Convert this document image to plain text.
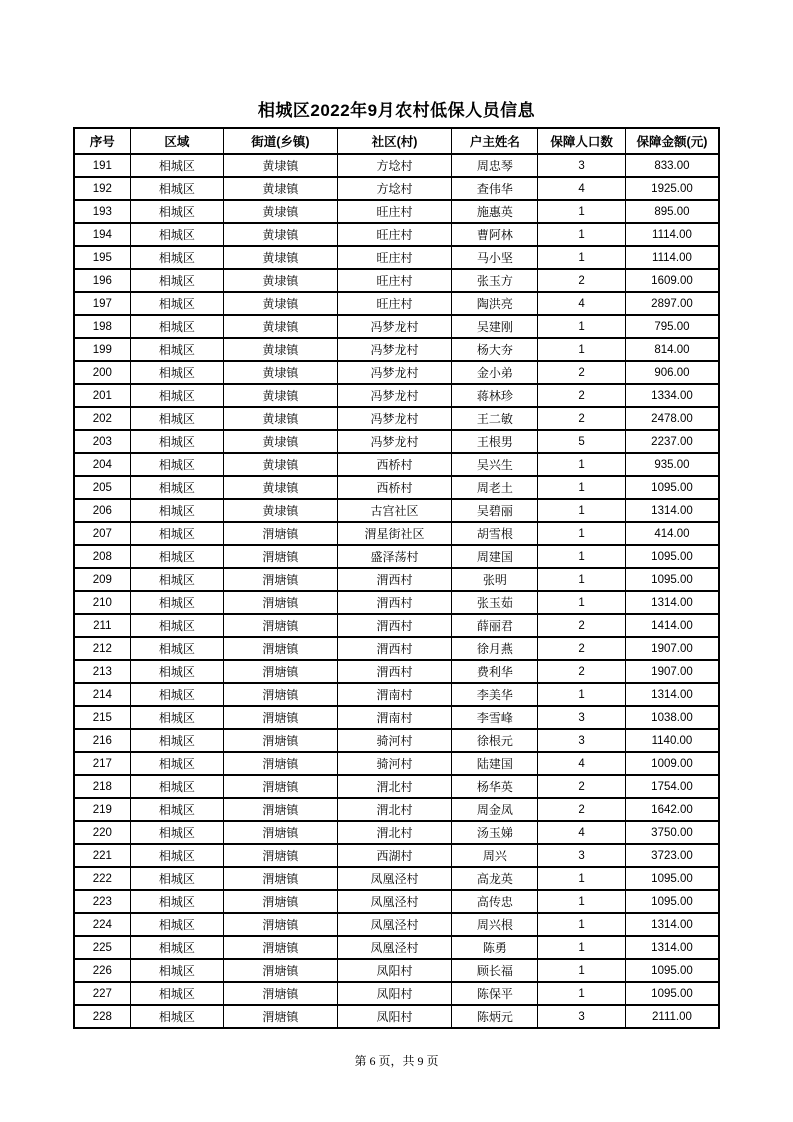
相城区2022年9月农村低保人员信息
序号	区域	街道(乡镇)	社区(村)	户主姓名	保障人口数	保障金额(元)
191	相城区	黄埭镇	方埝村	周忠琴	3	833.00
192	相城区	黄埭镇	方埝村	查伟华	4	1925.00
193	相城区	黄埭镇	旺庄村	施惠英	1	895.00
194	相城区	黄埭镇	旺庄村	曹阿林	1	1114.00
195	相城区	黄埭镇	旺庄村	马小坚	1	1114.00
196	相城区	黄埭镇	旺庄村	张玉方	2	1609.00
197	相城区	黄埭镇	旺庄村	陶洪亮	4	2897.00
198	相城区	黄埭镇	冯梦龙村	吴建刚	1	795.00
199	相城区	黄埭镇	冯梦龙村	杨大夯	1	814.00
200	相城区	黄埭镇	冯梦龙村	金小弟	2	906.00
201	相城区	黄埭镇	冯梦龙村	蒋林珍	2	1334.00
202	相城区	黄埭镇	冯梦龙村	王二敏	2	2478.00
203	相城区	黄埭镇	冯梦龙村	王根男	5	2237.00
204	相城区	黄埭镇	西桥村	吴兴生	1	935.00
205	相城区	黄埭镇	西桥村	周老土	1	1095.00
206	相城区	黄埭镇	古宫社区	吴碧丽	1	1314.00
207	相城区	渭塘镇	渭星街社区	胡雪根	1	414.00
208	相城区	渭塘镇	盛泽荡村	周建国	1	1095.00
209	相城区	渭塘镇	渭西村	张明	1	1095.00
210	相城区	渭塘镇	渭西村	张玉茹	1	1314.00
211	相城区	渭塘镇	渭西村	薛丽君	2	1414.00
212	相城区	渭塘镇	渭西村	徐月燕	2	1907.00
213	相城区	渭塘镇	渭西村	费利华	2	1907.00
214	相城区	渭塘镇	渭南村	李美华	1	1314.00
215	相城区	渭塘镇	渭南村	李雪峰	3	1038.00
216	相城区	渭塘镇	骑河村	徐根元	3	1140.00
217	相城区	渭塘镇	骑河村	陆建国	4	1009.00
218	相城区	渭塘镇	渭北村	杨华英	2	1754.00
219	相城区	渭塘镇	渭北村	周金凤	2	1642.00
220	相城区	渭塘镇	渭北村	汤玉娣	4	3750.00
221	相城区	渭塘镇	西湖村	周兴	3	3723.00
222	相城区	渭塘镇	凤凰泾村	高龙英	1	1095.00
223	相城区	渭塘镇	凤凰泾村	高传忠	1	1095.00
224	相城区	渭塘镇	凤凰泾村	周兴根	1	1314.00
225	相城区	渭塘镇	凤凰泾村	陈勇	1	1314.00
226	相城区	渭塘镇	凤阳村	顾长福	1	1095.00
227	相城区	渭塘镇	凤阳村	陈保平	1	1095.00
228	相城区	渭塘镇	凤阳村	陈炳元	3	2111.00
第 6 页，共 9 页
